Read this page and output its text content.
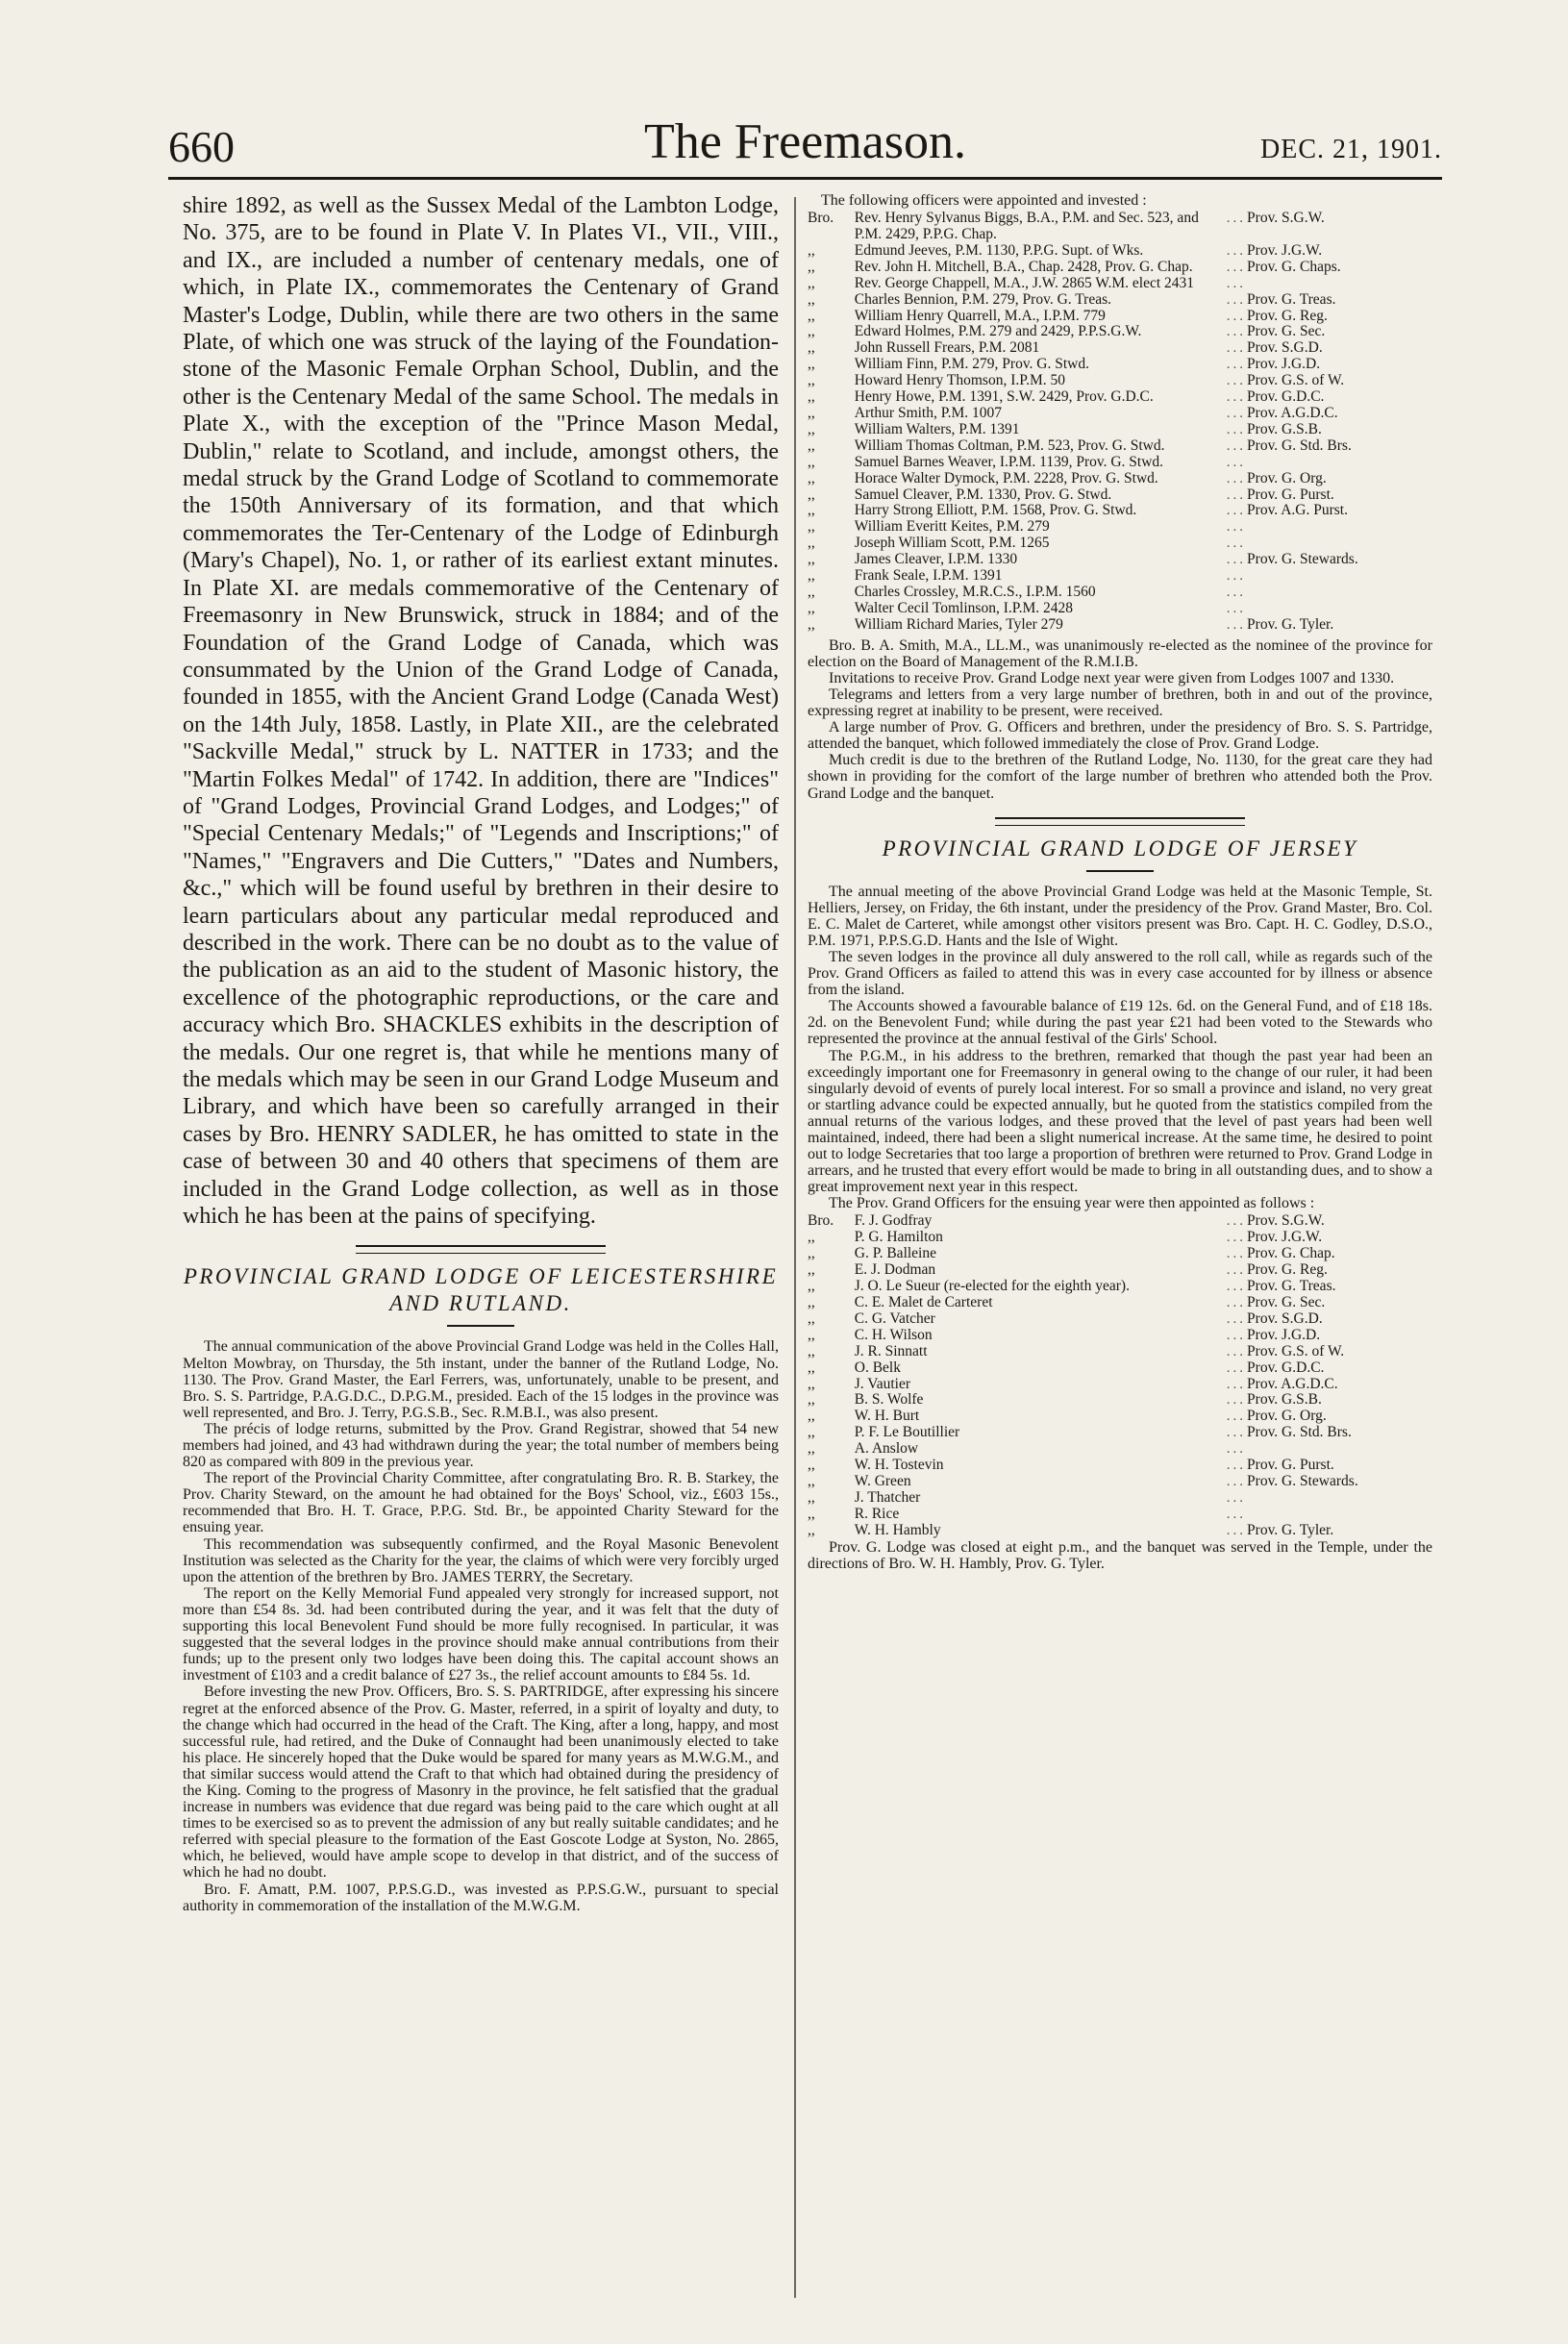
660	The Freemason.	DEC. 21, 1901.

shire 1892, as well as the Sussex Medal of the Lambton Lodge, No. 375, are to be found in Plate V. In Plates VI., VII., VIII., and IX., are included a number of centenary medals, one of which, in Plate IX., commemorates the Centenary of Grand Master's Lodge, Dublin, while there are two others in the same Plate, of which one was struck of the laying of the Foundation-stone of the Masonic Female Orphan School, Dublin, and the other is the Centenary Medal of the same School. The medals in Plate X., with the exception of the "Prince Mason Medal, Dublin," relate to Scotland, and include, amongst others, the medal struck by the Grand Lodge of Scotland to commemorate the 150th Anniversary of its formation, and that which commemorates the Ter-Centenary of the Lodge of Edinburgh (Mary's Chapel), No. 1, or rather of its earliest extant minutes. In Plate XI. are medals commemorative of the Centenary of Freemasonry in New Brunswick, struck in 1884; and of the Foundation of the Grand Lodge of Canada, which was consummated by the Union of the Grand Lodge of Canada, founded in 1855, with the Ancient Grand Lodge (Canada West) on the 14th July, 1858. Lastly, in Plate XII., are the celebrated "Sackville Medal," struck by L. NATTER in 1733; and the "Martin Folkes Medal" of 1742. In addition, there are "Indices" of "Grand Lodges, Provincial Grand Lodges, and Lodges;" of "Special Centenary Medals;" of "Legends and Inscriptions;" of "Names," "Engravers and Die Cutters," "Dates and Numbers, &c.," which will be found useful by brethren in their desire to learn particulars about any particular medal reproduced and described in the work. There can be no doubt as to the value of the publication as an aid to the student of Masonic history, the excellence of the photographic reproductions, or the care and accuracy which Bro. SHACKLES exhibits in the description of the medals. Our one regret is, that while he mentions many of the medals which may be seen in our Grand Lodge Museum and Library, and which have been so carefully arranged in their cases by Bro. HENRY SADLER, he has omitted to state in the case of between 30 and 40 others that specimens of them are included in the Grand Lodge collection, as well as in those which he has been at the pains of specifying.

PROVINCIAL GRAND LODGE OF LEICESTERSHIRE
AND RUTLAND.

The annual communication of the above Provincial Grand Lodge was held in the Colles Hall, Melton Mowbray, on Thursday, the 5th instant, under the banner of the Rutland Lodge, No. 1130. The Prov. Grand Master, the Earl Ferrers, was, unfortunately, unable to be present, and Bro. S. S. Partridge, P.A.G.D.C., D.P.G.M., presided. Each of the 15 lodges in the province was well represented, and Bro. J. Terry, P.G.S.B., Sec. R.M.B.I., was also present.

The précis of lodge returns, submitted by the Prov. Grand Registrar, showed that 54 new members had joined, and 43 had withdrawn during the year; the total number of members being 820 as compared with 809 in the previous year.

The report of the Provincial Charity Committee, after congratulating Bro. R. B. Starkey, the Prov. Charity Steward, on the amount he had obtained for the Boys' School, viz., £603 15s., recommended that Bro. H. T. Grace, P.P.G. Std. Br., be appointed Charity Steward for the ensuing year.

This recommendation was subsequently confirmed, and the Royal Masonic Benevolent Institution was selected as the Charity for the year, the claims of which were very forcibly urged upon the attention of the brethren by Bro. JAMES TERRY, the Secretary.

The report on the Kelly Memorial Fund appealed very strongly for increased support, not more than £54 8s. 3d. had been contributed during the year, and it was felt that the duty of supporting this local Benevolent Fund should be more fully recognised. In particular, it was suggested that the several lodges in the province should make annual contributions from their funds; up to the present only two lodges have been doing this. The capital account shows an investment of £103 and a credit balance of £27 3s., the relief account amounts to £84 5s. 1d.

Before investing the new Prov. Officers, Bro. S. S. PARTRIDGE, after expressing his sincere regret at the enforced absence of the Prov. G. Master, referred, in a spirit of loyalty and duty, to the change which had occurred in the head of the Craft. The King, after a long, happy, and most successful rule, had retired, and the Duke of Connaught had been unanimously elected to take his place. He sincerely hoped that the Duke would be spared for many years as M.W.G.M., and that similar success would attend the Craft to that which had obtained during the presidency of the King. Coming to the progress of Masonry in the province, he felt satisfied that the gradual increase in numbers was evidence that due regard was being paid to the care which ought at all times to be exercised so as to prevent the admission of any but really suitable candidates; and he referred with special pleasure to the formation of the East Goscote Lodge at Syston, No. 2865, which, he believed, would have ample scope to develop in that district, and of the success of which he had no doubt.

Bro. F. Amatt, P.M. 1007, P.P.S.G.D., was invested as P.P.S.G.W., pursuant to special authority in commemoration of the installation of the M.W.G.M.

The following officers were appointed and invested :
Bro.	Rev. Henry Sylvanus Biggs, B.A., P.M. and Sec. 523, and P.M. 2429, P.P.G. Chap.	...	Prov. S.G.W.
,,	Edmund Jeeves, P.M. 1130, P.P.G. Supt. of Wks.	...	Prov. J.G.W.
,,	Rev. John H. Mitchell, B.A., Chap. 2428, Prov. G. Chap.	...	Prov. G. Chaps.
,,	Rev. George Chappell, M.A., J.W. 2865 W.M. elect 2431	...	
,,	Charles Bennion, P.M. 279, Prov. G. Treas.	...	Prov. G. Treas.
,,	William Henry Quarrell, M.A., I.P.M. 779	...	Prov. G. Reg.
,,	Edward Holmes, P.M. 279 and 2429, P.P.S.G.W.	...	Prov. G. Sec.
,,	John Russell Frears, P.M. 2081	...	Prov. S.G.D.
,,	William Finn, P.M. 279, Prov. G. Stwd.	...	Prov. J.G.D.
,,	Howard Henry Thomson, I.P.M. 50	...	Prov. G.S. of W.
,,	Henry Howe, P.M. 1391, S.W. 2429, Prov. G.D.C.	...	Prov. G.D.C.
,,	Arthur Smith, P.M. 1007	...	Prov. A.G.D.C.
,,	William Walters, P.M. 1391	...	Prov. G.S.B.
,,	William Thomas Coltman, P.M. 523, Prov. G. Stwd.	...	Prov. G. Std. Brs.
,,	Samuel Barnes Weaver, I.P.M. 1139, Prov. G. Stwd.	...	
,,	Horace Walter Dymock, P.M. 2228, Prov. G. Stwd.	...	Prov. G. Org.
,,	Samuel Cleaver, P.M. 1330, Prov. G. Stwd.	...	Prov. G. Purst.
,,	Harry Strong Elliott, P.M. 1568, Prov. G. Stwd.	...	Prov. A.G. Purst.
,,	William Everitt Keites, P.M. 279	...	
,,	Joseph William Scott, P.M. 1265	...	
,,	James Cleaver, I.P.M. 1330	...	Prov. G. Stewards.
,,	Frank Seale, I.P.M. 1391	...	
,,	Charles Crossley, M.R.C.S., I.P.M. 1560	...	
,,	Walter Cecil Tomlinson, I.P.M. 2428	...	
,,	William Richard Maries, Tyler 279	...	Prov. G. Tyler.

Bro. B. A. Smith, M.A., LL.M., was unanimously re-elected as the nominee of the province for election on the Board of Management of the R.M.I.B.

Invitations to receive Prov. Grand Lodge next year were given from Lodges 1007 and 1330.

Telegrams and letters from a very large number of brethren, both in and out of the province, expressing regret at inability to be present, were received.

A large number of Prov. G. Officers and brethren, under the presidency of Bro. S. S. Partridge, attended the banquet, which followed immediately the close of Prov. Grand Lodge.

Much credit is due to the brethren of the Rutland Lodge, No. 1130, for the great care they had shown in providing for the comfort of the large number of brethren who attended both the Prov. Grand Lodge and the banquet.

PROVINCIAL GRAND LODGE OF JERSEY

The annual meeting of the above Provincial Grand Lodge was held at the Masonic Temple, St. Helliers, Jersey, on Friday, the 6th instant, under the presidency of the Prov. Grand Master, Bro. Col. E. C. Malet de Carteret, while amongst other visitors present was Bro. Capt. H. C. Godley, D.S.O., P.M. 1971, P.P.S.G.D. Hants and the Isle of Wight.

The seven lodges in the province all duly answered to the roll call, while as regards such of the Prov. Grand Officers as failed to attend this was in every case accounted for by illness or absence from the island.

The Accounts showed a favourable balance of £19 12s. 6d. on the General Fund, and of £18 18s. 2d. on the Benevolent Fund; while during the past year £21 had been voted to the Stewards who represented the province at the annual festival of the Girls' School.

The P.G.M., in his address to the brethren, remarked that though the past year had been an exceedingly important one for Freemasonry in general owing to the change of our ruler, it had been singularly devoid of events of purely local interest. For so small a province and island, no very great or startling advance could be expected annually, but he quoted from the statistics compiled from the annual returns of the various lodges, and these proved that the level of past years had been well maintained, indeed, there had been a slight numerical increase. At the same time, he desired to point out to lodge Secretaries that too large a proportion of brethren were returned to Prov. Grand Lodge in arrears, and he trusted that every effort would be made to bring in all outstanding dues, and to show a great improvement next year in this respect.

The Prov. Grand Officers for the ensuing year were then appointed as follows :

Bro.	F. J. Godfray	...	Prov. S.G.W.
,,	P. G. Hamilton	...	Prov. J.G.W.
,,	G. P. Balleine	...	Prov. G. Chap.
,,	E. J. Dodman	...	Prov. G. Reg.
,,	J. O. Le Sueur (re-elected for the eighth year).	...	Prov. G. Treas.
,,	C. E. Malet de Carteret	...	Prov. G. Sec.
,,	C. G. Vatcher	...	Prov. S.G.D.
,,	C. H. Wilson	...	Prov. J.G.D.
,,	J. R. Sinnatt	...	Prov. G.S. of W.
,,	O. Belk	...	Prov. G.D.C.
,,	J. Vautier	...	Prov. A.G.D.C.
,,	B. S. Wolfe	...	Prov. G.S.B.
,,	W. H. Burt	...	Prov. G. Org.
,,	P. F. Le Boutillier	...	Prov. G. Std. Brs.
,,	A. Anslow	...	
,,	W. H. Tostevin	...	Prov. G. Purst.
,,	W. Green	...	Prov. G. Stewards.
,,	J. Thatcher	...	
,,	R. Rice	...	
,,	W. H. Hambly	...	Prov. G. Tyler.

Prov. G. Lodge was closed at eight p.m., and the banquet was served in the Temple, under the directions of Bro. W. H. Hambly, Prov. G. Tyler.
